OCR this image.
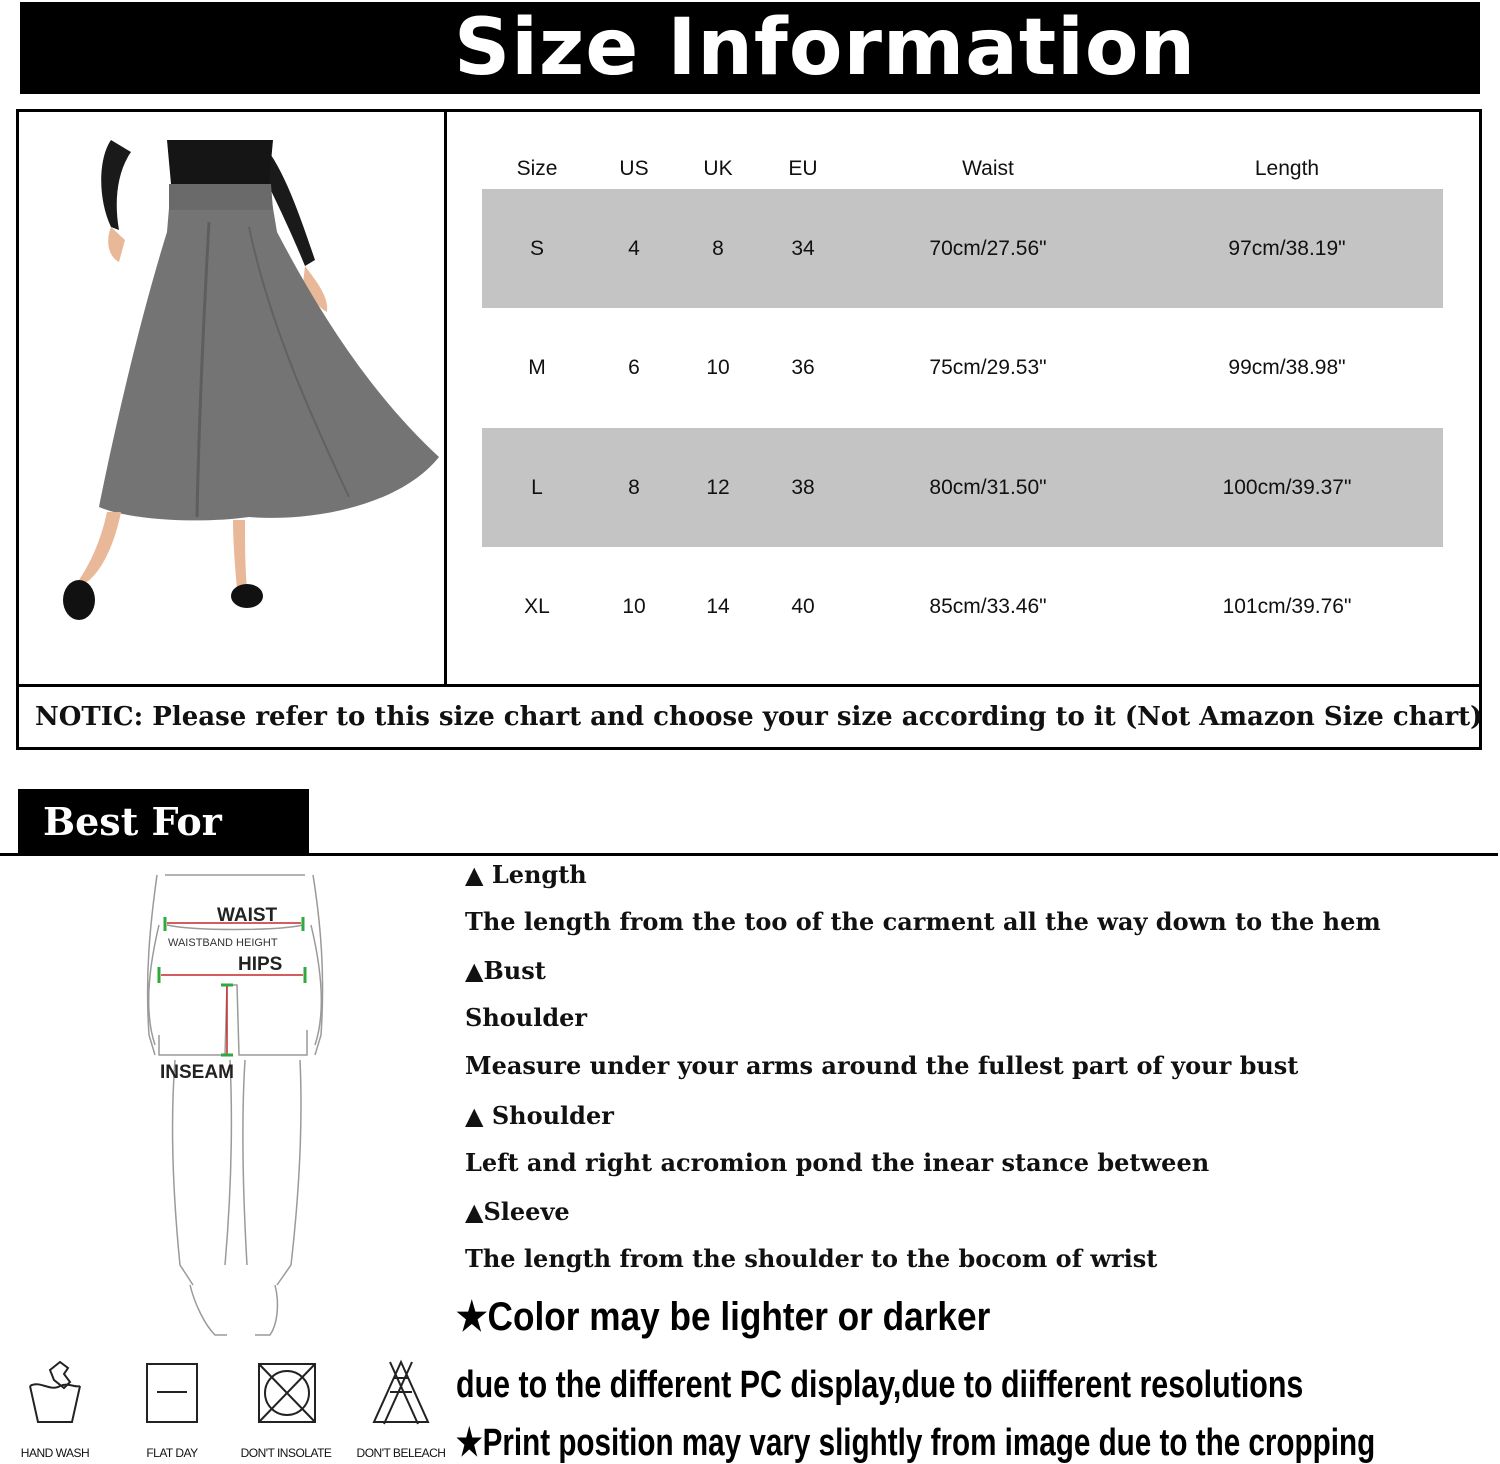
Size Information
Size	US	UK	EU	Waist	Length
S	4	8	34	70cm/27.56"	97cm/38.19"
M	6	10	36	75cm/29.53"	99cm/38.98"
L	8	12	38	80cm/31.50"	100cm/39.37"
XL	10	14	40	85cm/33.46"	101cm/39.76"
NOTIC: Please refer to this size chart and choose your size according to it (Not Amazon Size chart)
Best For You
WAIST
WAISTBAND HEIGHT
HIPS
INSEAM
HAND WASH	FLAT DAY	DON'T INSOLATE	DON'T BELEACH
▲ Length
The length from the too of the carment all the way down to the hem
▲Bust
Shoulder
Measure under your arms around the fullest part of your bust
▲ Shoulder
Left and right acromion pond the inear stance between
▲Sleeve
The length from the shoulder to the bocom of wrist
★Color may be lighter or darker
due to the different PC display,due to diifferent resolutions
★Print position may vary slightly from image due to the cropping
